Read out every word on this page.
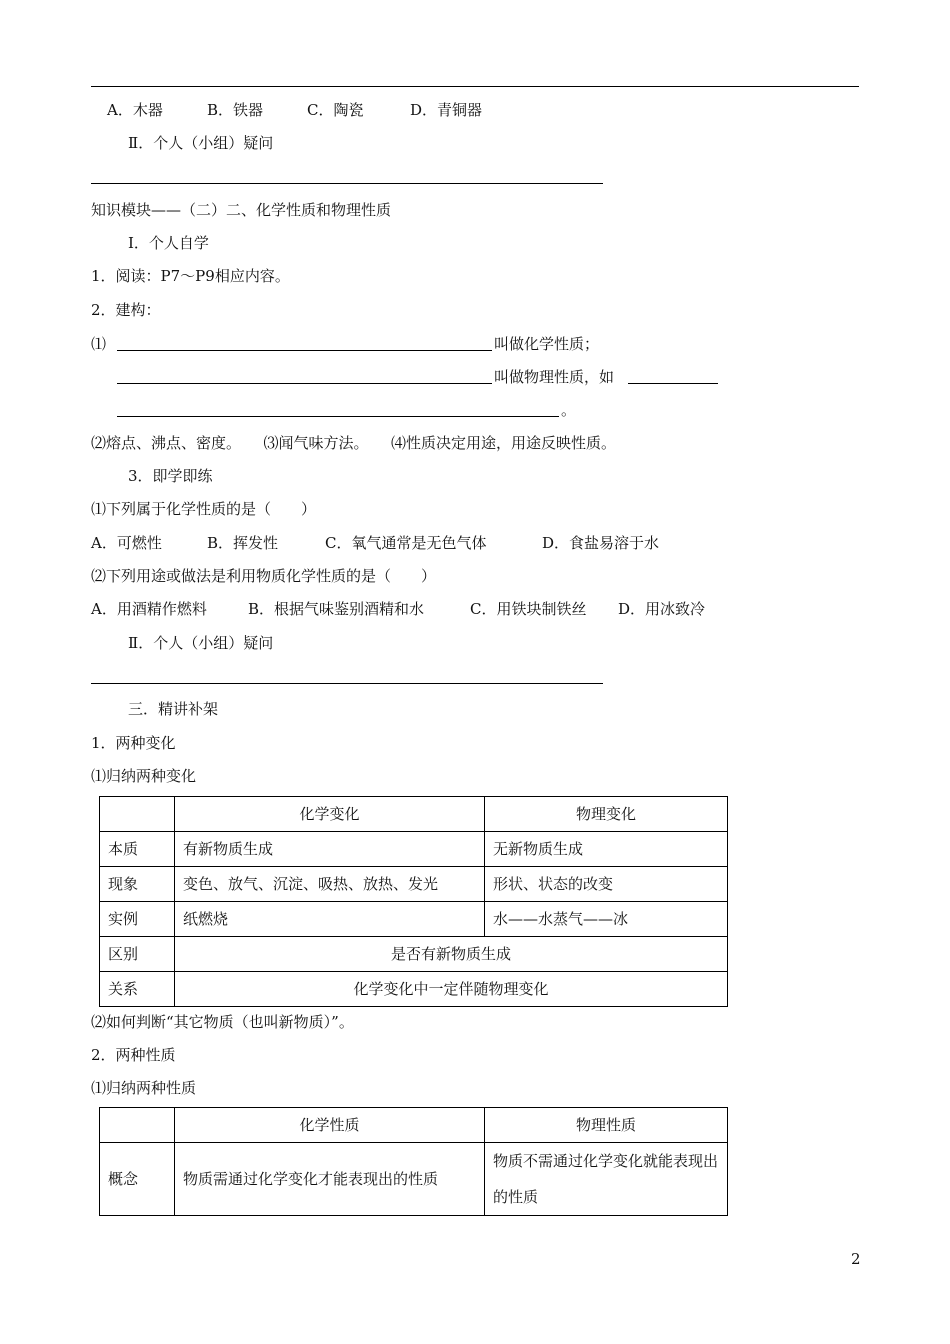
A．木器	B．铁器	C．陶瓷	D．青铜器
Ⅱ．个人（小组）疑问
知识模块——（二）二、化学性质和物理性质
Ⅰ．个人自学
1．阅读：P7～P9相应内容。
2．建构：
⑴	叫做化学性质；
叫做物理性质，如
。
⑵熔点、沸点、密度。　　⑶闻气味方法。　　⑷性质决定用途，用途反映性质。
3．即学即练
⑴下列属于化学性质的是（　　）
A．可燃性	B．挥发性	C．氧气通常是无色气体	D．食盐易溶于水
⑵下列用途或做法是利用物质化学性质的是（　　）
A．用酒精作燃料	B．根据气味鉴别酒精和水	C．用铁块制铁丝 D．用冰致冷
Ⅱ．个人（小组）疑问
三．精讲补架
1．两种变化
⑴归纳两种变化
	化学变化	物理变化
本质	有新物质生成	无新物质生成
现象	变色、放气、沉淀、吸热、放热、发光	形状、状态的改变
实例	纸燃烧	水——水蒸气——冰
区别	是否有新物质生成	
关系	化学变化中一定伴随物理变化	
⑵如何判断“其它物质（也叫新物质）”。
2．两种性质
⑴归纳两种性质
	化学性质	物理性质
概念	物质需通过化学变化才能表现出的性质	物质不需通过化学变化就能表现出的性质
2
